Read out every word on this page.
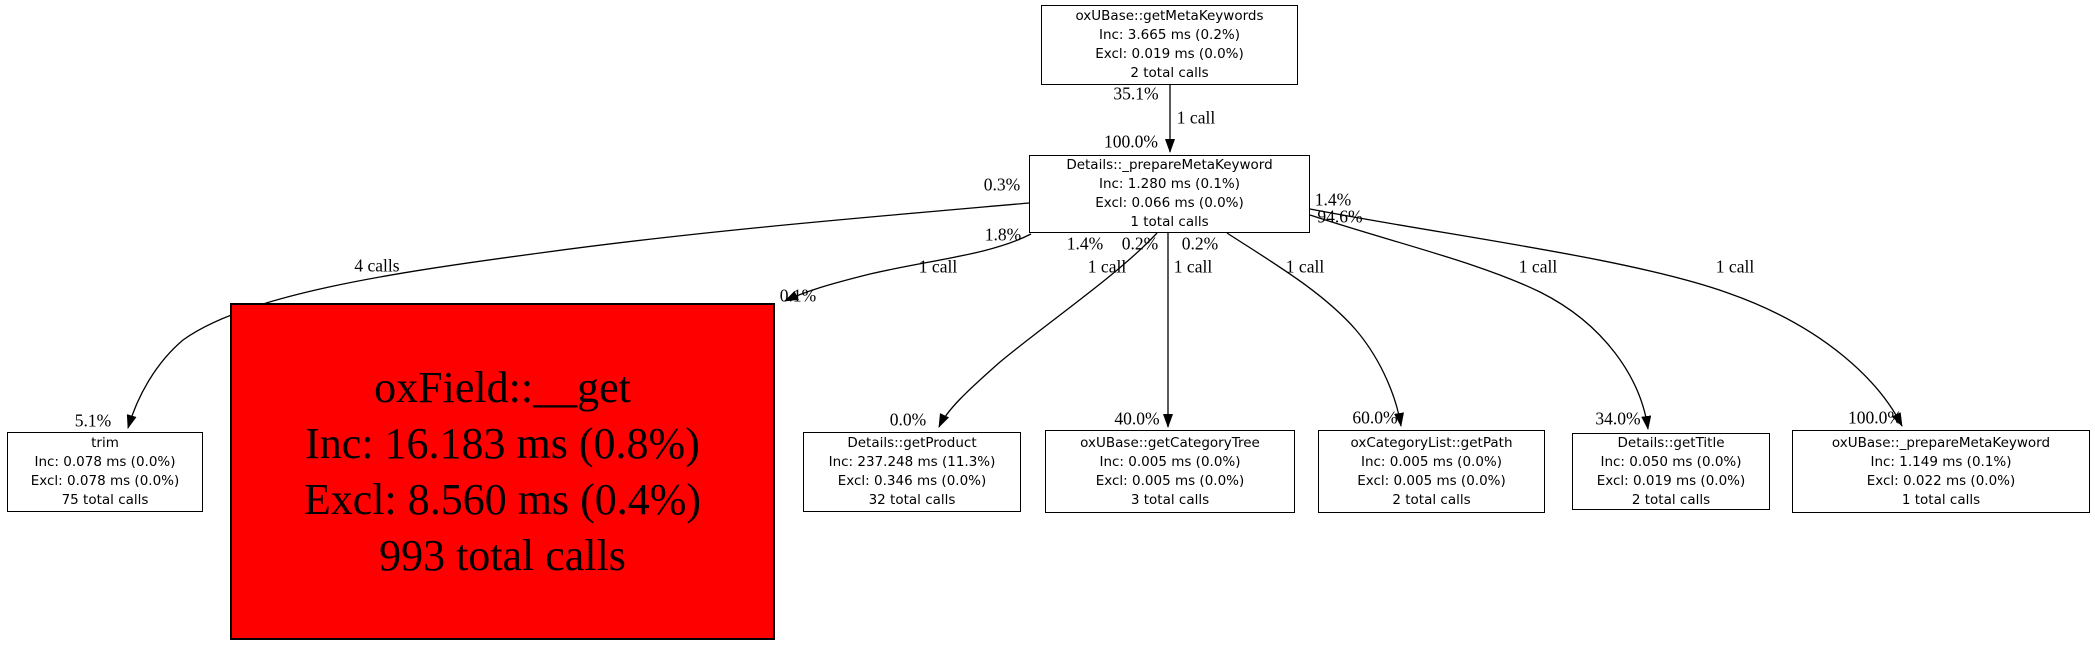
oxUBase::getMetaKeywords
Inc: 3.665 ms (0.2%)
Excl: 0.019 ms (0.0%)
2 total calls
Details::_prepareMetaKeyword
Inc: 1.280 ms (0.1%)
Excl: 0.066 ms (0.0%)
1 total calls
trim
Inc: 0.078 ms (0.0%)
Excl: 0.078 ms (0.0%)
75 total calls
oxField::__get
Inc: 16.183 ms (0.8%)
Excl: 8.560 ms (0.4%)
993 total calls
Details::getProduct
Inc: 237.248 ms (11.3%)
Excl: 0.346 ms (0.0%)
32 total calls
oxUBase::getCategoryTree
Inc: 0.005 ms (0.0%)
Excl: 0.005 ms (0.0%)
3 total calls
oxCategoryList::getPath
Inc: 0.005 ms (0.0%)
Excl: 0.005 ms (0.0%)
2 total calls
Details::getTitle
Inc: 0.050 ms (0.0%)
Excl: 0.019 ms (0.0%)
2 total calls
oxUBase::_prepareMetaKeyword
Inc: 1.149 ms (0.1%)
Excl: 0.022 ms (0.0%)
1 total calls
35.1%
1 call
100.0%
0.3%
4 calls
5.1%
1.8%
1 call
0.1%
1.4%
1 call
0.0%
0.2%
1 call
40.0%
0.2%
1 call
60.0%
1.4%
1 call
34.0%
94.6%
1 call
100.0%
